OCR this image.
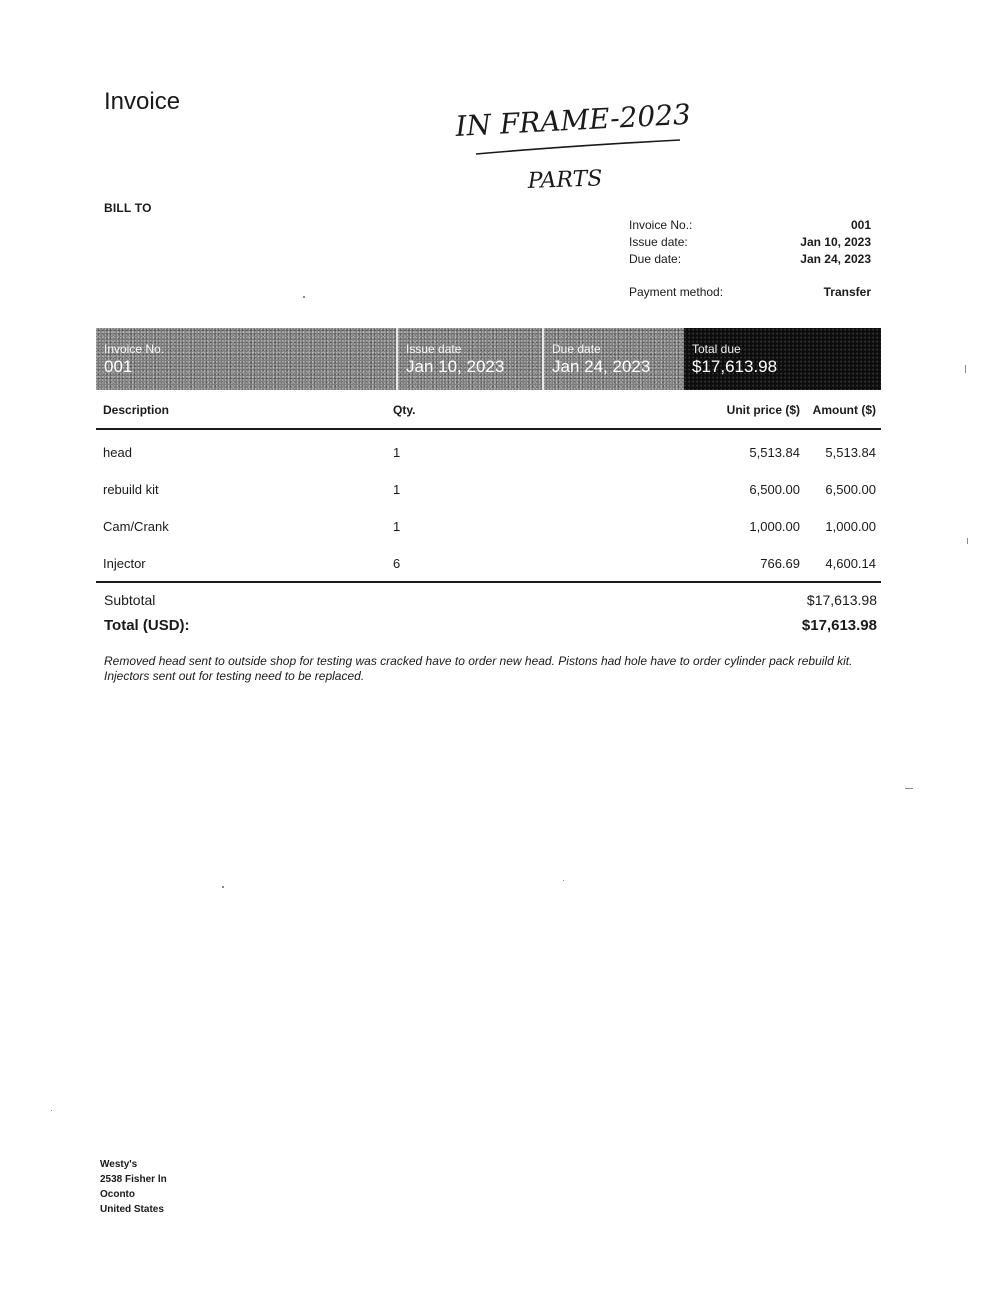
Invoice	IN FRAME-2023
PARTS
BILL TO
Invoice No.:	001
Issue date:	Jan 10, 2023
Due date:	Jan 24, 2023
Payment method:	Transfer
Invoice No.
001
Issue date
Jan 10, 2023
Due date
Jan 24, 2023
Total due
$17,613.98
Description	Qty.	Unit price ($)	Amount ($)
head	1	5,513.84	5,513.84
rebuild kit	1	6,500.00	6,500.00
Cam/Crank	1	1,000.00	1,000.00
Injector	6	766.69	4,600.14
Subtotal	$17,613.98
Total (USD):	$17,613.98
Removed head sent to outside shop for testing was cracked have to order new head. Pistons had hole have to order cylinder pack rebuild kit. Injectors sent out for testing need to be replaced.
Westy's
2538 Fisher ln
Oconto
United States
